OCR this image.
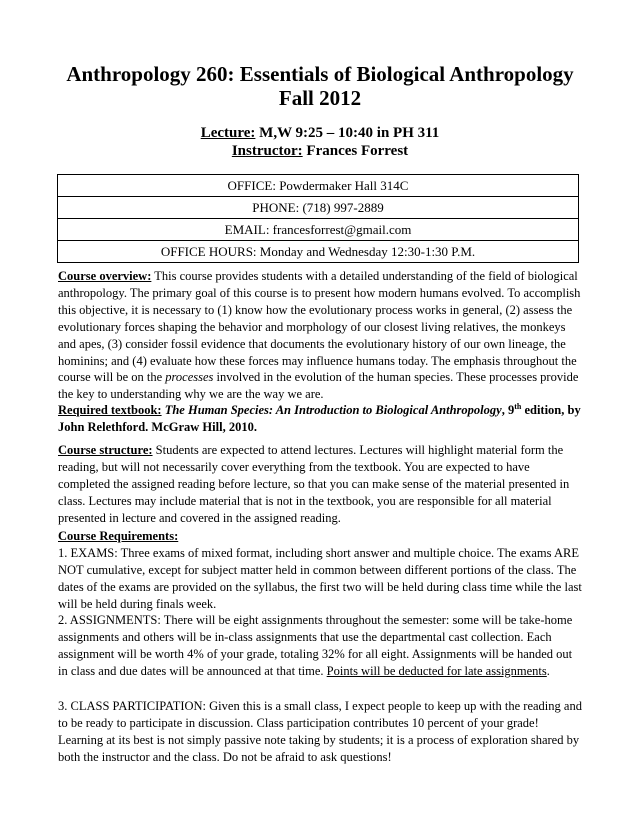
Anthropology 260: Essentials of Biological Anthropology
Fall 2012
Lecture: M,W 9:25 – 10:40 in PH 311
Instructor: Frances Forrest
OFFICE: Powdermaker Hall 314C
PHONE: (718) 997-2889
EMAIL: francesforrest@gmail.com
OFFICE HOURS: Monday and Wednesday 12:30-1:30 P.M.

Course overview: This course provides students with a detailed understanding of the field of biological anthropology. The primary goal of this course is to present how modern humans evolved. To accomplish this objective, it is necessary to (1) know how the evolutionary process works in general, (2) assess the evolutionary forces shaping the behavior and morphology of our closest living relatives, the monkeys and apes, (3) consider fossil evidence that documents the evolutionary history of our own lineage, the hominins; and (4) evaluate how these forces may influence humans today. The emphasis throughout the course will be on the processes involved in the evolution of the human species. These processes provide the key to understanding why we are the way we are.

Required textbook: The Human Species: An Introduction to Biological Anthropology, 9th edition, by John Relethford. McGraw Hill, 2010.

Course structure: Students are expected to attend lectures. Lectures will highlight material form the reading, but will not necessarily cover everything from the textbook. You are expected to have completed the assigned reading before lecture, so that you can make sense of the material presented in class. Lectures may include material that is not in the textbook, you are responsible for all material presented in lecture and covered in the assigned reading.

Course Requirements:

1. EXAMS: Three exams of mixed format, including short answer and multiple choice. The exams ARE NOT cumulative, except for subject matter held in common between different portions of the class. The dates of the exams are provided on the syllabus, the first two will be held during class time while the last will be held during finals week.

2. ASSIGNMENTS: There will be eight assignments throughout the semester: some will be take-home assignments and others will be in-class assignments that use the departmental cast collection. Each assignment will be worth 4% of your grade, totaling 32% for all eight. Assignments will be handed out in class and due dates will be announced at that time. Points will be deducted for late assignments.

3. CLASS PARTICIPATION: Given this is a small class, I expect people to keep up with the reading and to be ready to participate in discussion. Class participation contributes 10 percent of your grade! Learning at its best is not simply passive note taking by students; it is a process of exploration shared by both the instructor and the class. Do not be afraid to ask questions!
